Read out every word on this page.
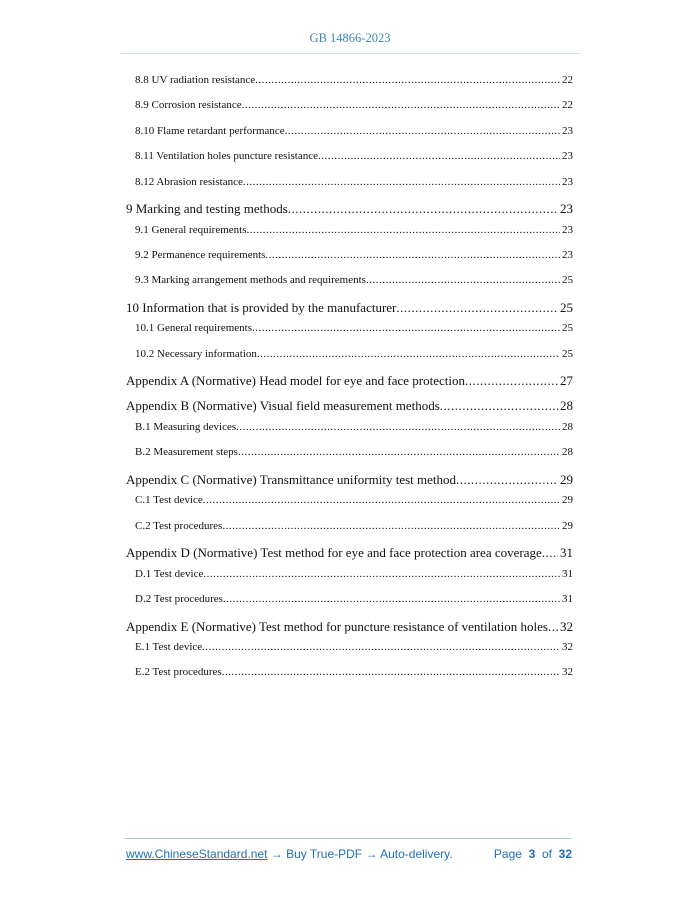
GB 14866-2023
8.8 UV radiation resistance .....	22
8.9 Corrosion resistance .....	22
8.10 Flame retardant performance .....	23
8.11 Ventilation holes puncture resistance .....	23
8.12 Abrasion resistance .....	23
9 Marking and testing methods .....	23
9.1 General requirements .....	23
9.2 Permanence requirements .....	23
9.3 Marking arrangement methods and requirements .....	25
10 Information that is provided by the manufacturer .....	25
10.1 General requirements .....	25
10.2 Necessary information .....	25
Appendix A (Normative) Head model for eye and face protection .....	27
Appendix B (Normative) Visual field measurement methods .....	28
B.1 Measuring devices .....	28
B.2 Measurement steps .....	28
Appendix C (Normative) Transmittance uniformity test method .....	29
C.1 Test device .....	29
C.2 Test procedures .....	29
Appendix D (Normative) Test method for eye and face protection area coverage ..... 31
D.1 Test device .....	31
D.2 Test procedures .....	31
Appendix E (Normative) Test method for puncture resistance of ventilation holes ..... 32
E.1 Test device .....	32
E.2 Test procedures .....	32
www.ChineseStandard.net → Buy True-PDF → Auto-delivery.	Page 3 of 32
